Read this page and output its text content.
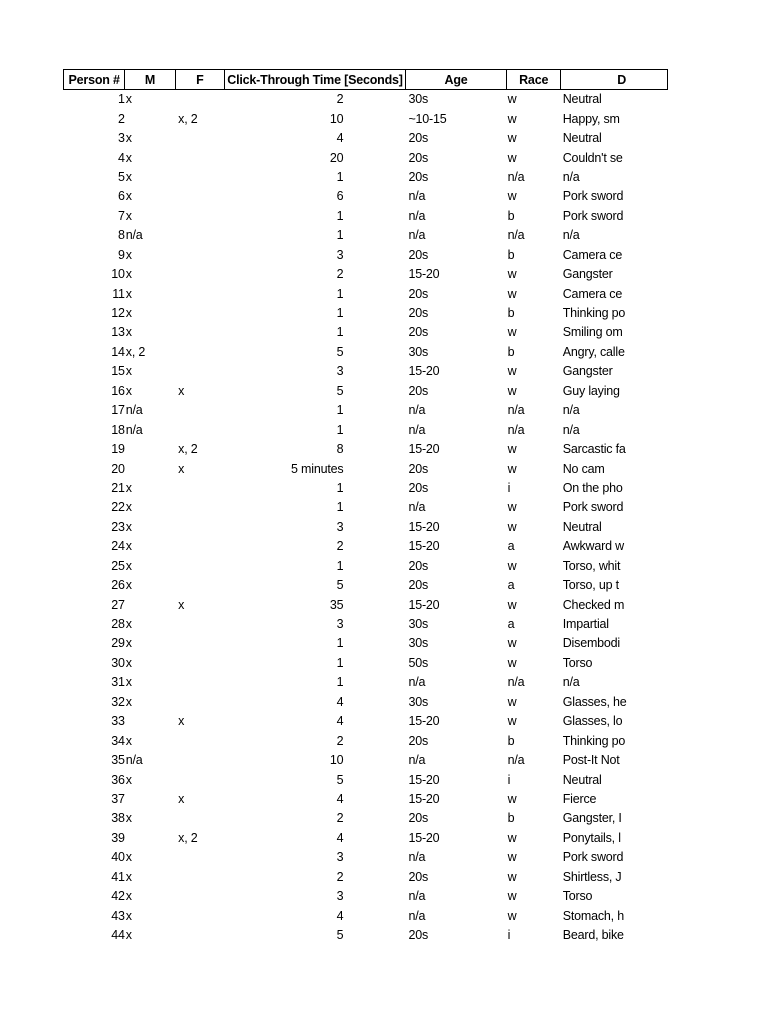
Person #	M	F	Click-Through Time [Seconds]	Age	Race	D
1	x		2	30s	w	Neutral
2		x, 2	10	~10-15	w	Happy, sm
3	x		4	20s	w	Neutral
4	x		20	20s	w	Couldn't se
5	x		1	20s	n/a	n/a
6	x		6	n/a	w	Pork sword
7	x		1	n/a	b	Pork sword
8	n/a		1	n/a	n/a	n/a
9	x		3	20s	b	Camera ce
10	x		2	15-20	w	Gangster
11	x		1	20s	w	Camera ce
12	x		1	20s	b	Thinking po
13	x		1	20s	w	Smiling om
14	x, 2		5	30s	b	Angry, calle
15	x		3	15-20	w	Gangster
16	x	x	5	20s	w	Guy laying
17	n/a		1	n/a	n/a	n/a
18	n/a		1	n/a	n/a	n/a
19		x, 2	8	15-20	w	Sarcastic fa
20		x	5 minutes	20s	w	No cam
21	x		1	20s	i	On the pho
22	x		1	n/a	w	Pork sword
23	x		3	15-20	w	Neutral
24	x		2	15-20	a	Awkward w
25	x		1	20s	w	Torso, whit
26	x		5	20s	a	Torso, up t
27		x	35	15-20	w	Checked m
28	x		3	30s	a	Impartial
29	x		1	30s	w	Disembodi
30	x		1	50s	w	Torso
31	x		1	n/a	n/a	n/a
32	x		4	30s	w	Glasses, he
33		x	4	15-20	w	Glasses, lo
34	x		2	20s	b	Thinking po
35	n/a		10	n/a	n/a	Post-It Not
36	x		5	15-20	i	Neutral
37		x	4	15-20	w	Fierce
38	x		2	20s	b	Gangster, I
39		x, 2	4	15-20	w	Ponytails, l
40	x		3	n/a	w	Pork sword
41	x		2	20s	w	Shirtless, J
42	x		3	n/a	w	Torso
43	x		4	n/a	w	Stomach, h
44	x		5	20s	i	Beard, bike
